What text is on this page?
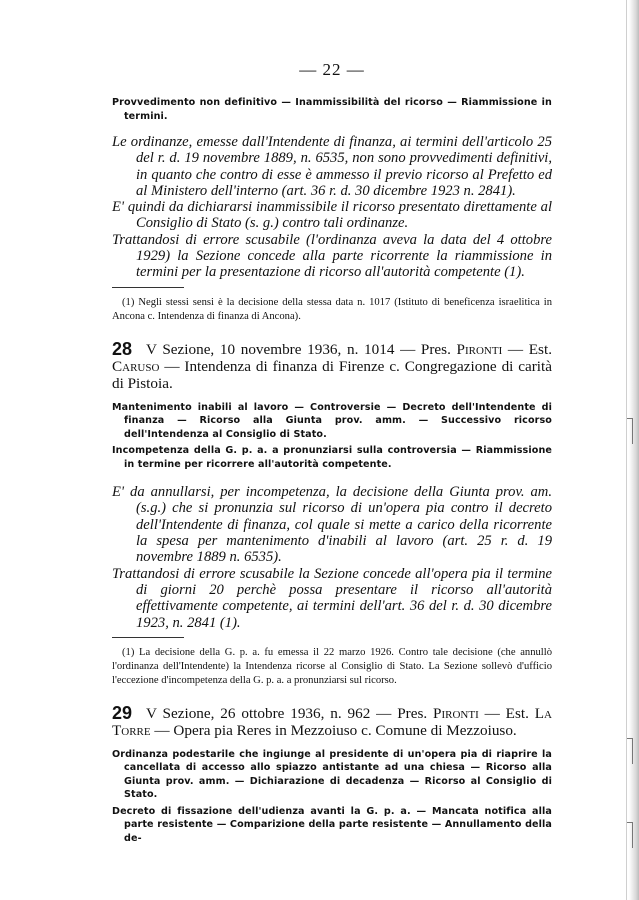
— 22 —

Provvedimento non definitivo — Inammissibilità del ricorso — Riammissione in termini.

Le ordinanze, emesse dall'Intendente di finanza, ai termini dell'articolo 25 del r. d. 19 novembre 1889, n. 6535, non sono provvedimenti definitivi, in quanto che contro di esse è ammesso il previo ricorso al Prefetto ed al Ministero dell'interno (art. 36 r. d. 30 dicembre 1923 n. 2841).

E' quindi da dichiararsi inammissibile il ricorso presentato direttamente al Consiglio di Stato (s. g.) contro tali ordinanze.

Trattandosi di errore scusabile (l'ordinanza aveva la data del 4 ottobre 1929) la Sezione concede alla parte ricorrente la riammissione in termini per la presentazione di ricorso all'autorità competente (1).

(1) Negli stessi sensi è la decisione della stessa data n. 1017 (Istituto di beneficenza israelitica in Ancona c. Intendenza di finanza di Ancona).

28 V Sezione, 10 novembre 1936, n. 1014 — Pres. Pironti — Est. Caruso — Intendenza di finanza di Firenze c. Congregazione di carità di Pistoia.

Mantenimento inabili al lavoro — Controversie — Decreto dell'Intendente di finanza — Ricorso alla Giunta prov. amm. — Successivo ricorso dell'Intendenza al Consiglio di Stato.

Incompetenza della G. p. a. a pronunziarsi sulla controversia — Riammissione in termine per ricorrere all'autorità competente.

E' da annullarsi, per incompetenza, la decisione della Giunta prov. am. (s.g.) che si pronunzia sul ricorso di un'opera pia contro il decreto dell'Intendente di finanza, col quale si mette a carico della ricorrente la spesa per mantenimento d'inabili al lavoro (art. 25 r. d. 19 novembre 1889 n. 6535).

Trattandosi di errore scusabile la Sezione concede all'opera pia il termine di giorni 20 perchè possa presentare il ricorso all'autorità effettivamente competente, ai termini dell'art. 36 del r. d. 30 dicembre 1923, n. 2841 (1).

(1) La decisione della G. p. a. fu emessa il 22 marzo 1926. Contro tale decisione (che annullò l'ordinanza dell'Intendente) la Intendenza ricorse al Consiglio di Stato. La Sezione sollevò d'ufficio l'eccezione d'incompetenza della G. p. a. a pronunziarsi sul ricorso.

29 V Sezione, 26 ottobre 1936, n. 962 — Pres. Pironti — Est. La Torre — Opera pia Reres in Mezzoiuso c. Comune di Mezzoiuso.

Ordinanza podestarile che ingiunge al presidente di un'opera pia di riaprire la cancellata di accesso allo spiazzo antistante ad una chiesa — Ricorso alla Giunta prov. amm. — Dichiarazione di decadenza — Ricorso al Consiglio di Stato.

Decreto di fissazione dell'udienza avanti la G. p. a. — Mancata notifica alla parte resistente — Comparizione della parte resistente — Annullamento della de-
